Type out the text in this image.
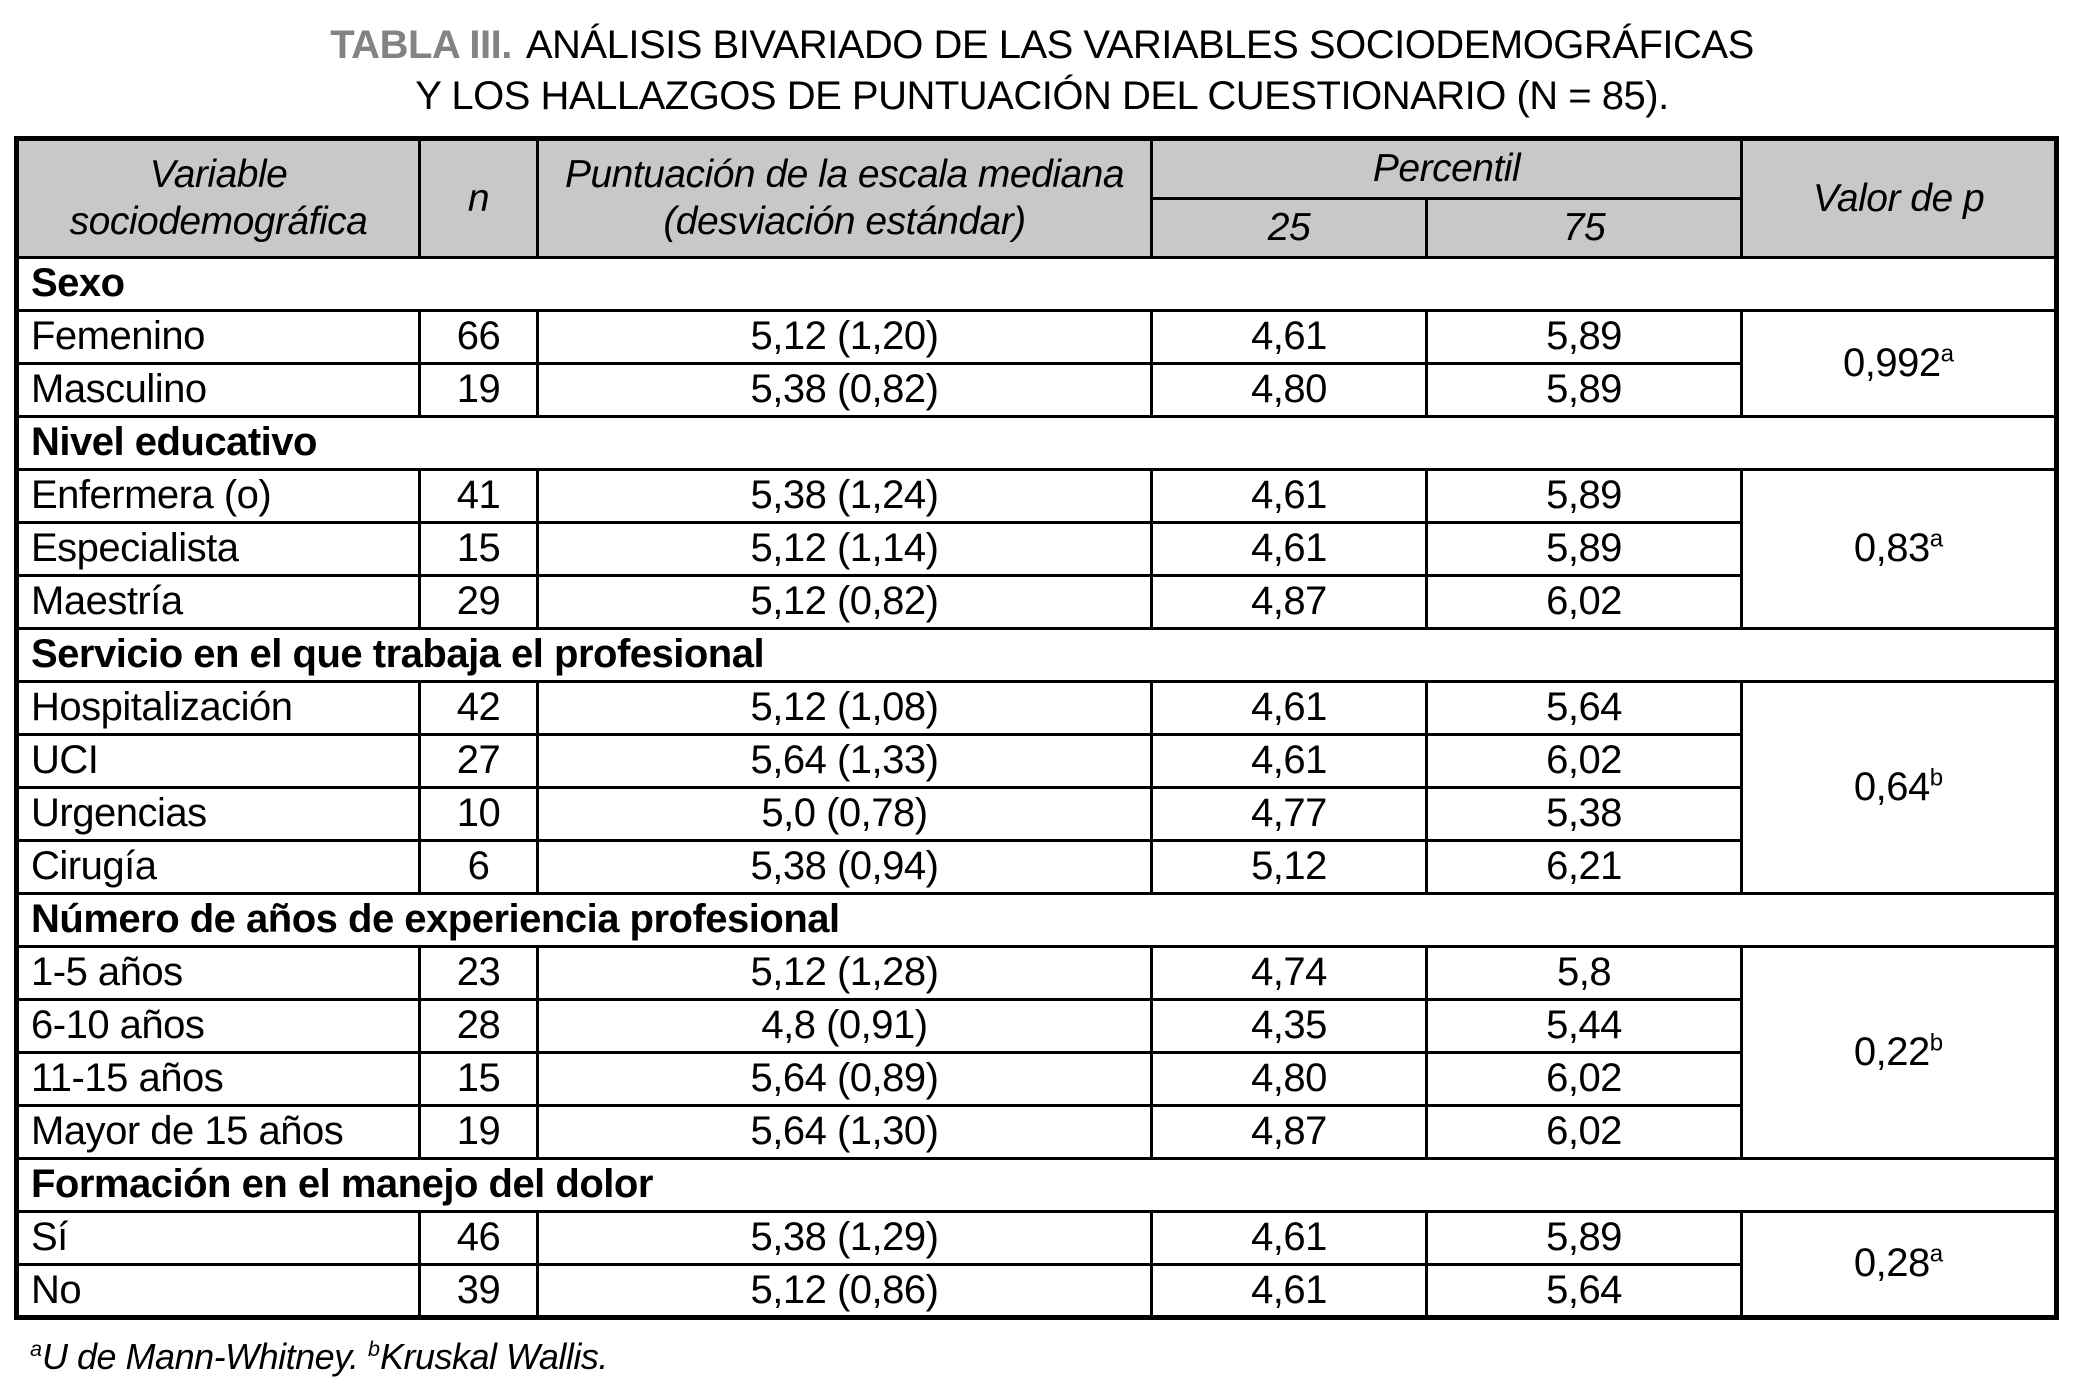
TABLA III. ANÁLISIS BIVARIADO DE LAS VARIABLES SOCIODEMOGRÁFICAS
Y LOS HALLAZGOS DE PUNTUACIÓN DEL CUESTIONARIO (N = 85).
Variable sociodemográfica	n	Puntuación de la escala mediana (desviación estándar)	Percentil		Valor de p
			25	75	
Sexo					
Femenino	66	5,12 (1,20)	4,61	5,89	0,992$^a$
Masculino	19	5,38 (0,82)	4,80	5,89	
Nivel educativo					
Enfermera (o)	41	5,38 (1,24)	4,61	5,89	0,83$^a$
Especialista	15	5,12 (1,14)	4,61	5,89	
Maestría	29	5,12 (0,82)	4,87	6,02	
Servicio en el que trabaja el profesional					
Hospitalización	42	5,12 (1,08)	4,61	5,64	0,64$^b$
UCI	27	5,64 (1,33)	4,61	6,02	
Urgencias	10	5,0 (0,78)	4,77	5,38	
Cirugía	6	5,38 (0,94)	5,12	6,21	
Número de años de experiencia profesional					
1-5 años	23	5,12 (1,28)	4,74	5,8	0,22$^b$
6-10 años	28	4,8 (0,91)	4,35	5,44	
11-15 años	15	5,64 (0,89)	4,80	6,02	
Mayor de 15 años	19	5,64 (1,30)	4,87	6,02	
Formación en el manejo del dolor					
Sí	46	5,38 (1,29)	4,61	5,89	0,28$^a$
No	39	5,12 (0,86)	4,61	5,64	
$^a$U de Mann-Whitney. $^b$Kruskal Wallis.
